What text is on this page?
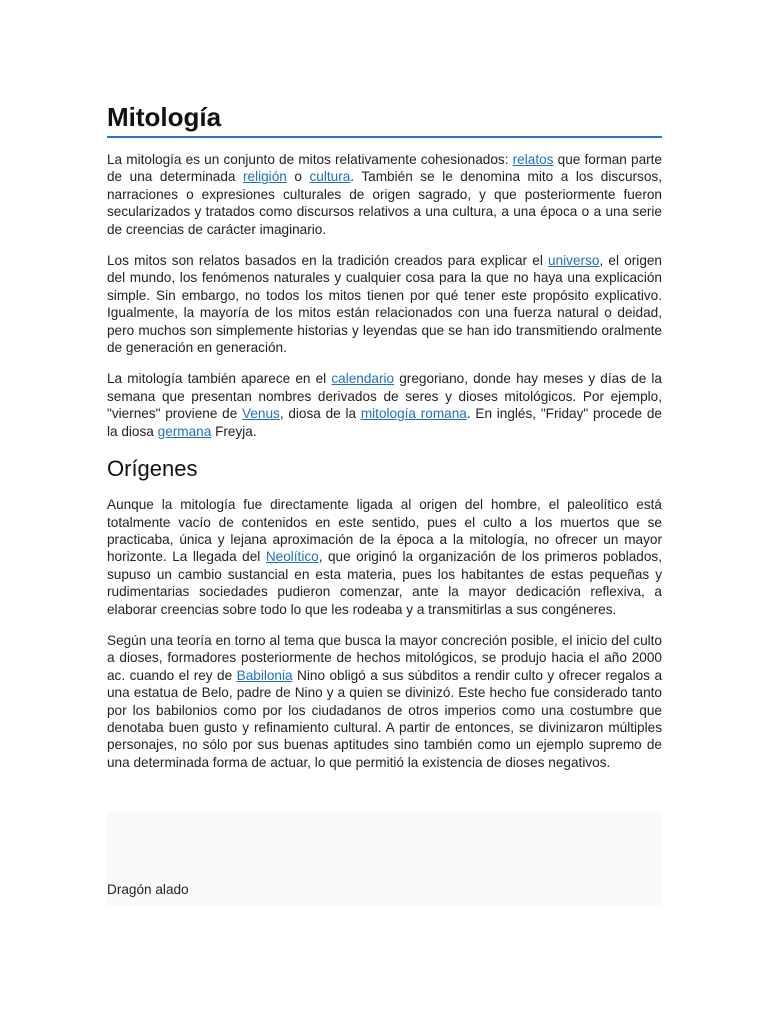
Mitología

La mitología es un conjunto de mitos relativamente cohesionados: relatos que forman parte de una determinada religión o cultura. También se le denomina mito a los discursos, narraciones o expresiones culturales de origen sagrado, y que posteriormente fueron secularizados y tratados como discursos relativos a una cultura, a una época o a una serie de creencias de carácter imaginario.

Los mitos son relatos basados en la tradición creados para explicar el universo, el origen del mundo, los fenómenos naturales y cualquier cosa para la que no haya una explicación simple. Sin embargo, no todos los mitos tienen por qué tener este propósito explicativo. Igualmente, la mayoría de los mitos están relacionados con una fuerza natural o deidad, pero muchos son simplemente historias y leyendas que se han ido transmitiendo oralmente de generación en generación.

La mitología también aparece en el calendario gregoriano, donde hay meses y días de la semana que presentan nombres derivados de seres y dioses mitológicos. Por ejemplo, "viernes" proviene de Venus, diosa de la mitología romana. En inglés, "Friday" procede de la diosa germana Freyja.

Orígenes

Aunque la mitología fue directamente ligada al origen del hombre, el paleolítico está totalmente vacío de contenidos en este sentido, pues el culto a los muertos que se practicaba, única y lejana aproximación de la época a la mitología, no ofrecer un mayor horizonte. La llegada del Neolítico, que originó la organización de los primeros poblados, supuso un cambio sustancial en esta materia, pues los habitantes de estas pequeñas y rudimentarias sociedades pudieron comenzar, ante la mayor dedicación reflexiva, a elaborar creencias sobre todo lo que les rodeaba y a transmitirlas a sus congéneres.

Según una teoría en torno al tema que busca la mayor concreción posible, el inicio del culto a dioses, formadores posteriormente de hechos mitológicos, se produjo hacia el año 2000 ac. cuando el rey de Babilonia Nino obligó a sus súbditos a rendir culto y ofrecer regalos a una estatua de Belo, padre de Nino y a quien se divinizó. Este hecho fue considerado tanto por los babilonios como por los ciudadanos de otros imperios como una costumbre que denotaba buen gusto y refinamiento cultural. A partir de entonces, se divinizaron múltiples personajes, no sólo por sus buenas aptitudes sino también como un ejemplo supremo de una determinada forma de actuar, lo que permitió la existencia de dioses negativos.

Dragón alado
